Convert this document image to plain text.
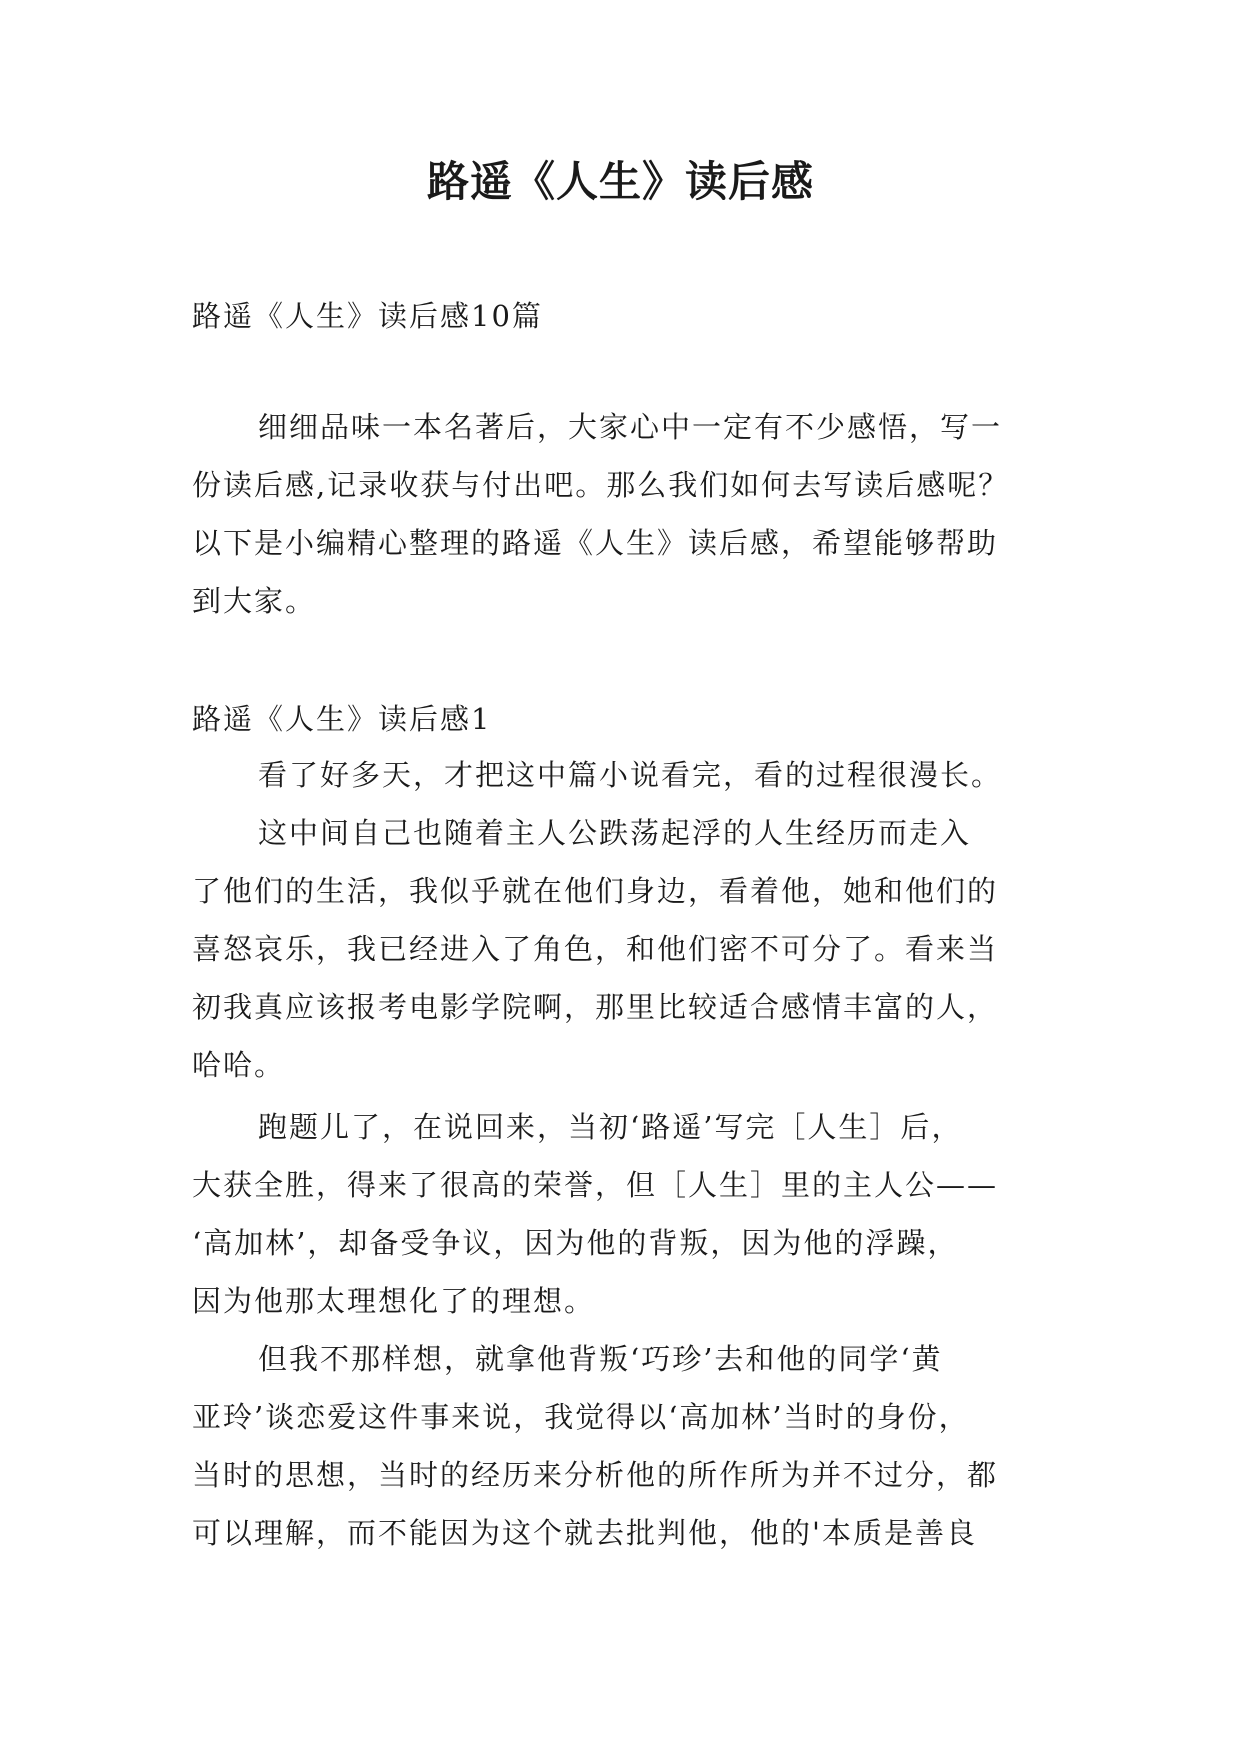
路遥《人生》读后感

路遥《人生》读后感10篇

细细品味一本名著后，大家心中一定有不少感悟，写一

份读后感,记录收获与付出吧。那么我们如何去写读后感呢？

以下是小编精心整理的路遥《人生》读后感，希望能够帮助

到大家。

路遥《人生》读后感1

看了好多天，才把这中篇小说看完，看的过程很漫长。

这中间自己也随着主人公跌荡起浮的人生经历而走入

了他们的生活，我似乎就在他们身边，看着他，她和他们的

喜怒哀乐，我已经进入了角色，和他们密不可分了。看来当

初我真应该报考电影学院啊，那里比较适合感情丰富的人，

哈哈。

跑题儿了，在说回来，当初‘路遥’写完［人生］后，

大获全胜，得来了很高的荣誉，但［人生］里的主人公——

‘高加林’，却备受争议，因为他的背叛，因为他的浮躁，

因为他那太理想化了的理想。

但我不那样想，就拿他背叛‘巧珍’去和他的同学‘黄

亚玲’谈恋爱这件事来说，我觉得以‘高加林’当时的身份，

当时的思想，当时的经历来分析他的所作所为并不过分，都

可以理解，而不能因为这个就去批判他，他的'本质是善良
